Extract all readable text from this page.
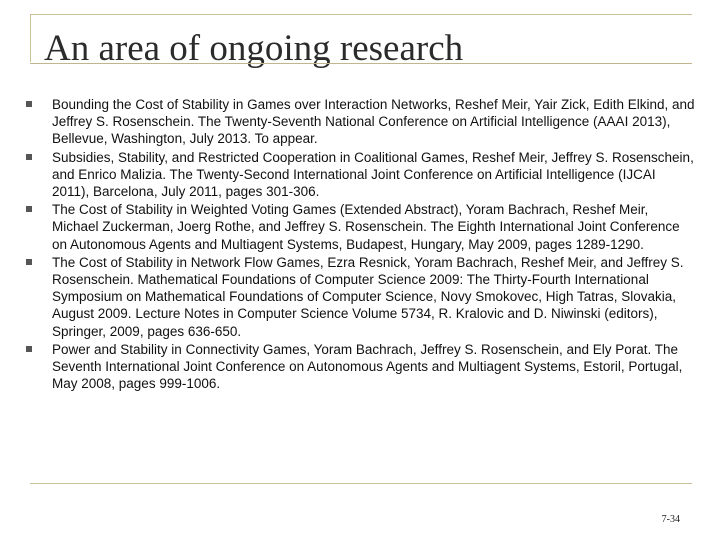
An area of ongoing research
Bounding the Cost of Stability in Games over Interaction Networks, Reshef Meir, Yair Zick, Edith Elkind, and Jeffrey S. Rosenschein. The Twenty-Seventh National Conference on Artificial Intelligence (AAAI 2013), Bellevue, Washington, July 2013. To appear.
Subsidies, Stability, and Restricted Cooperation in Coalitional Games, Reshef Meir, Jeffrey S. Rosenschein, and Enrico Malizia. The Twenty-Second International Joint Conference on Artificial Intelligence (IJCAI 2011), Barcelona, July 2011, pages 301-306.
The Cost of Stability in Weighted Voting Games (Extended Abstract), Yoram Bachrach, Reshef Meir, Michael Zuckerman, Joerg Rothe, and Jeffrey S. Rosenschein. The Eighth International Joint Conference on Autonomous Agents and Multiagent Systems, Budapest, Hungary, May 2009, pages 1289-1290.
The Cost of Stability in Network Flow Games, Ezra Resnick, Yoram Bachrach, Reshef Meir, and Jeffrey S. Rosenschein. Mathematical Foundations of Computer Science 2009: The Thirty-Fourth International Symposium on Mathematical Foundations of Computer Science, Novy Smokovec, High Tatras, Slovakia, August 2009. Lecture Notes in Computer Science Volume 5734, R. Kralovic and D. Niwinski (editors), Springer, 2009, pages 636-650.
Power and Stability in Connectivity Games, Yoram Bachrach, Jeffrey S. Rosenschein, and Ely Porat. The Seventh International Joint Conference on Autonomous Agents and Multiagent Systems, Estoril, Portugal, May 2008, pages 999-1006.
7-34
